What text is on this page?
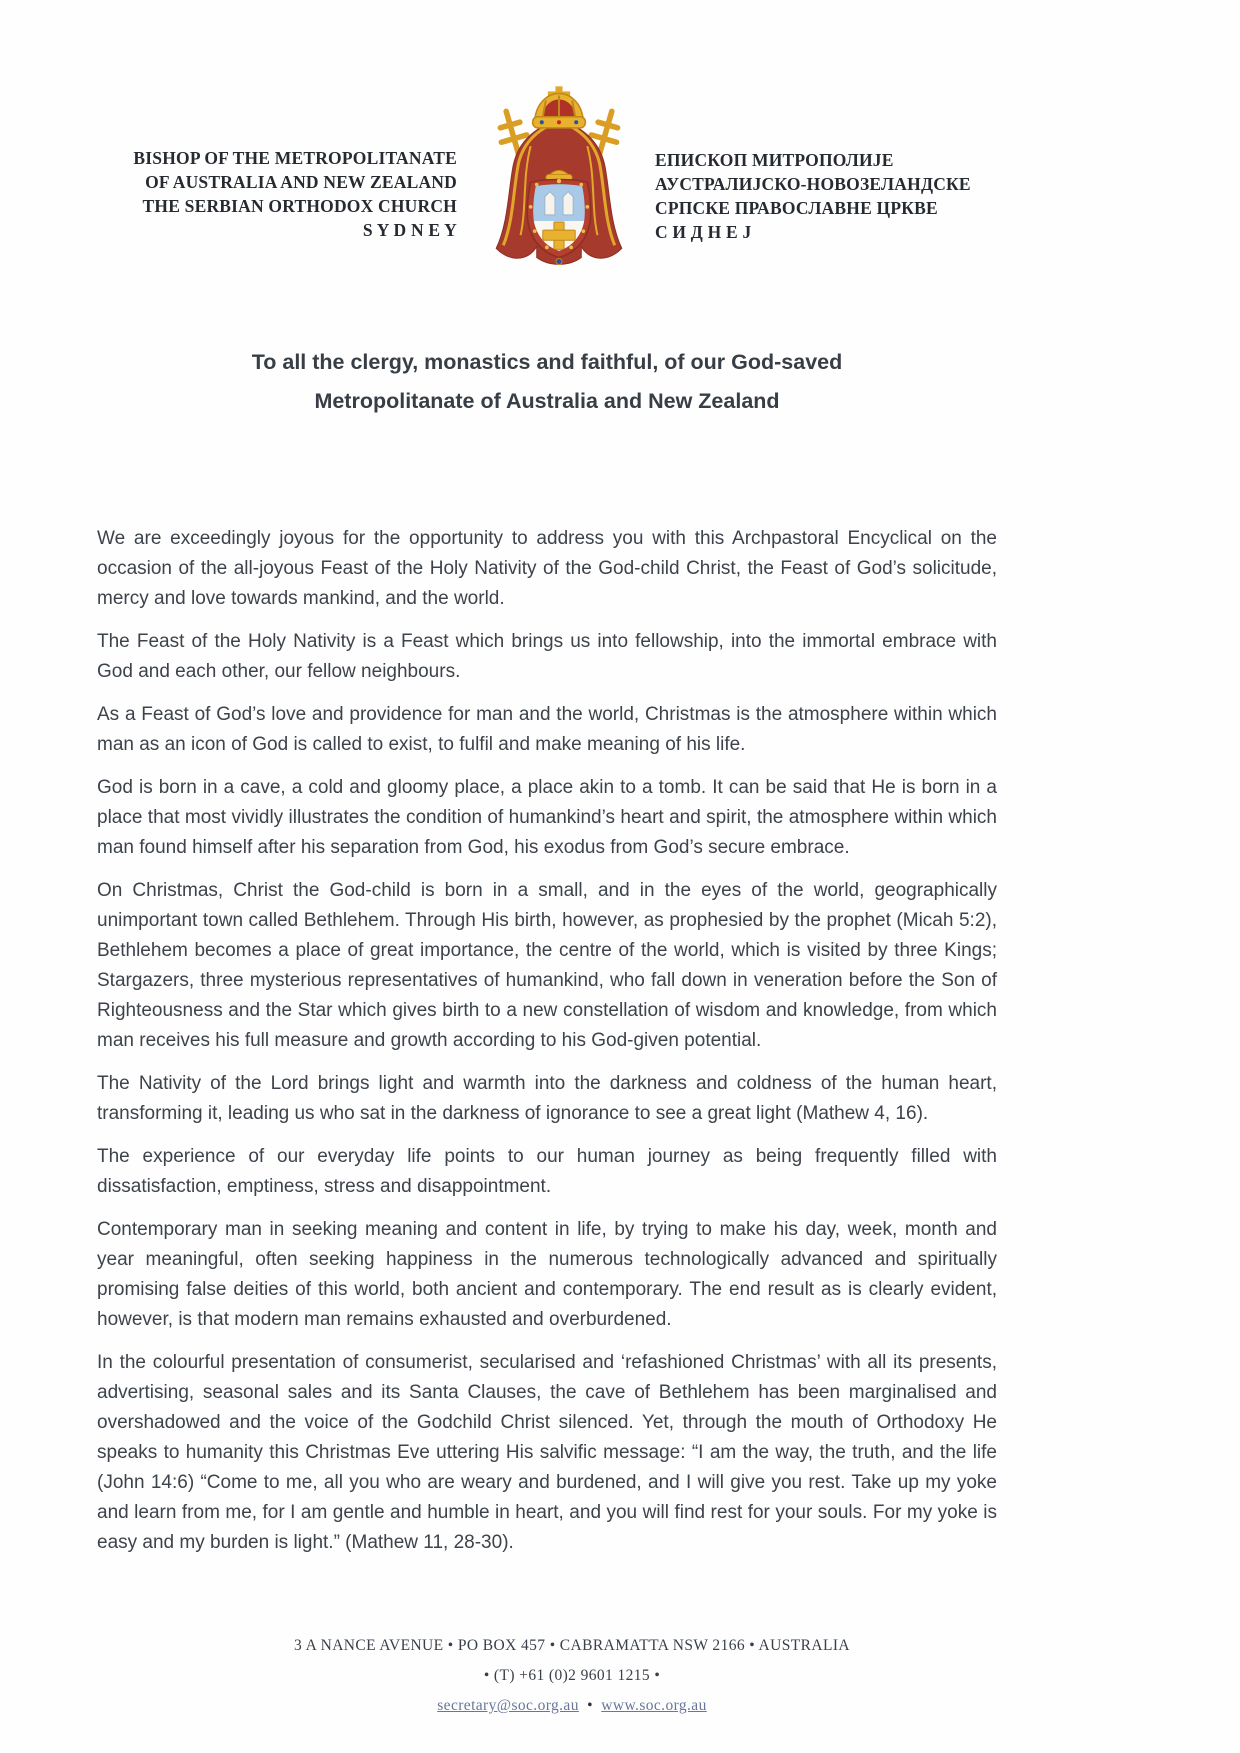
BISHOP OF THE METROPOLITANATE
OF AUSTRALIA AND NEW ZEALAND
THE SERBIAN ORTHODOX CHURCH
S Y D N E Y
ЕПИСКОП МИТРОПОЛИЈЕ
АУСТРАЛИЈСКО-НОВОЗЕЛАНДСКЕ
СРПСКЕ ПРАВОСЛАВНЕ ЦРКВЕ
С И Д Н Е Ј
To all the clergy, monastics and faithful, of our God-saved
Metropolitanate of Australia and New Zealand

We are exceedingly joyous for the opportunity to address you with this Archpastoral Encyclical on the occasion of the all-joyous Feast of the Holy Nativity of the God-child Christ, the Feast of God’s solicitude, mercy and love towards mankind, and the world.

The Feast of the Holy Nativity is a Feast which brings us into fellowship, into the immortal embrace with God and each other, our fellow neighbours.

As a Feast of God’s love and providence for man and the world, Christmas is the atmosphere within which man as an icon of God is called to exist, to fulfil and make meaning of his life.

God is born in a cave, a cold and gloomy place, a place akin to a tomb. It can be said that He is born in a place that most vividly illustrates the condition of humankind’s heart and spirit, the atmosphere within which man found himself after his separation from God, his exodus from God’s secure embrace.

On Christmas, Christ the God-child is born in a small, and in the eyes of the world, geographically unimportant town called Bethlehem. Through His birth, however, as prophesied by the prophet (Micah 5:2), Bethlehem becomes a place of great importance, the centre of the world, which is visited by three Kings; Stargazers, three mysterious representatives of humankind, who fall down in veneration before the Son of Righteousness and the Star which gives birth to a new constellation of wisdom and knowledge, from which man receives his full measure and growth according to his God-given potential.

The Nativity of the Lord brings light and warmth into the darkness and coldness of the human heart, transforming it, leading us who sat in the darkness of ignorance to see a great light (Mathew 4, 16).

The experience of our everyday life points to our human journey as being frequently filled with dissatisfaction, emptiness, stress and disappointment.

Contemporary man in seeking meaning and content in life, by trying to make his day, week, month and year meaningful, often seeking happiness in the numerous technologically advanced and spiritually promising false deities of this world, both ancient and contemporary. The end result as is clearly evident, however, is that modern man remains exhausted and overburdened.

In the colourful presentation of consumerist, secularised and ‘refashioned Christmas’ with all its presents, advertising, seasonal sales and its Santa Clauses, the cave of Bethlehem has been marginalised and overshadowed and the voice of the Godchild Christ silenced. Yet, through the mouth of Orthodoxy He speaks to humanity this Christmas Eve uttering His salvific message: “I am the way, the truth, and the life (John 14:6) “Come to me, all you who are weary and burdened, and I will give you rest. Take up my yoke and learn from me, for I am gentle and humble in heart, and you will find rest for your souls. For my yoke is easy and my burden is light.” (Mathew 11, 28-30).

3 A NANCE AVENUE • PO BOX 457 • CABRAMATTA NSW 2166 • AUSTRALIA
• (T) +61 (0)2 9601 1215 •
secretary@soc.org.au • www.soc.org.au
